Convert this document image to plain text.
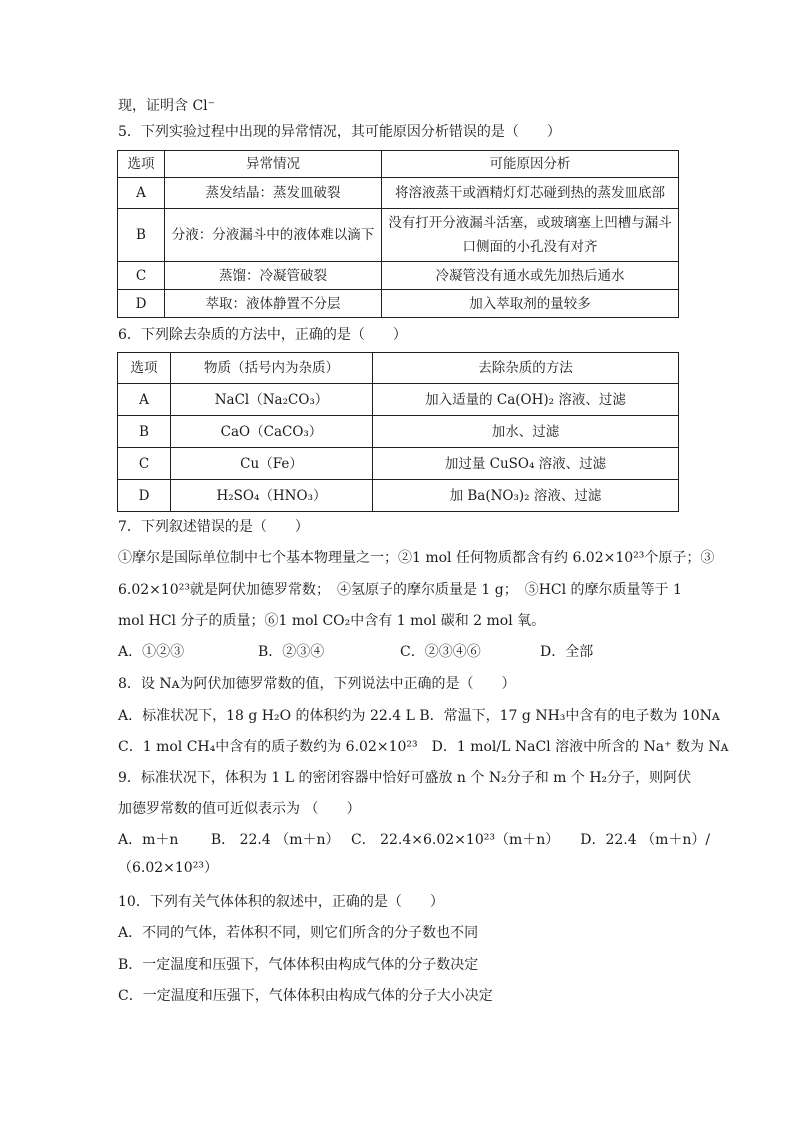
现，证明含 Cl⁻
5．下列实验过程中出现的异常情况，其可能原因分析错误的是（　　）
选项	异常情况	可能原因分析
A	蒸发结晶：蒸发皿破裂	将溶液蒸干或酒精灯灯芯碰到热的蒸发皿底部
B	分液：分液漏斗中的液体难以滴下	没有打开分液漏斗活塞，或玻璃塞上凹槽与漏斗口侧面的小孔没有对齐
C	蒸馏：冷凝管破裂	冷凝管没有通水或先加热后通水
D	萃取：液体静置不分层	加入萃取剂的量较多
6．下列除去杂质的方法中，正确的是（　　）
选项	物质（括号内为杂质）	去除杂质的方法
A	NaCl（Na₂CO₃）	加入适量的 Ca(OH)₂ 溶液、过滤
B	CaO（CaCO₃）	加水、过滤
C	Cu（Fe）	加过量 CuSO₄ 溶液、过滤
D	H₂SO₄（HNO₃）	加 Ba(NO₃)₂ 溶液、过滤
7．下列叙述错误的是（　　）
①摩尔是国际单位制中七个基本物理量之一；②1 mol 任何物质都含有约 6.02×10²³个原子；③
6.02×10²³就是阿伏加德罗常数；　④氢原子的摩尔质量是 1 g；　⑤HCl 的摩尔质量等于 1
mol HCl 分子的质量；⑥1 mol CO₂中含有 1 mol 碳和 2 mol 氧。
A．①②③	B．②③④	C．②③④⑥	D．全部
8．设 Nᴀ为阿伏加德罗常数的值，下列说法中正确的是（　　）
A．标准状况下，18 g H₂O 的体积约为 22.4 L B．常温下，17 g NH₃中含有的电子数为 10Nᴀ
C．1 mol CH₄中含有的质子数约为 6.02×10²³　D．1 mol/L NaCl 溶液中所含的 Na⁺ 数为 Nᴀ
9．标准状况下，体积为 1 L 的密闭容器中恰好可盛放 n 个 N₂分子和 m 个 H₂分子，则阿伏
加德罗常数的值可近似表示为 （　　）
A．m＋n　　 B． 22.4 （m＋n）　 C． 22.4×6.02×10²³（m＋n）　　D．22.4 （m＋n）/
（6.02×10²³）
10．下列有关气体体积的叙述中，正确的是（　　）
A．不同的气体，若体积不同，则它们所含的分子数也不同
B．一定温度和压强下，气体体积由构成气体的分子数决定
C．一定温度和压强下，气体体积由构成气体的分子大小决定
